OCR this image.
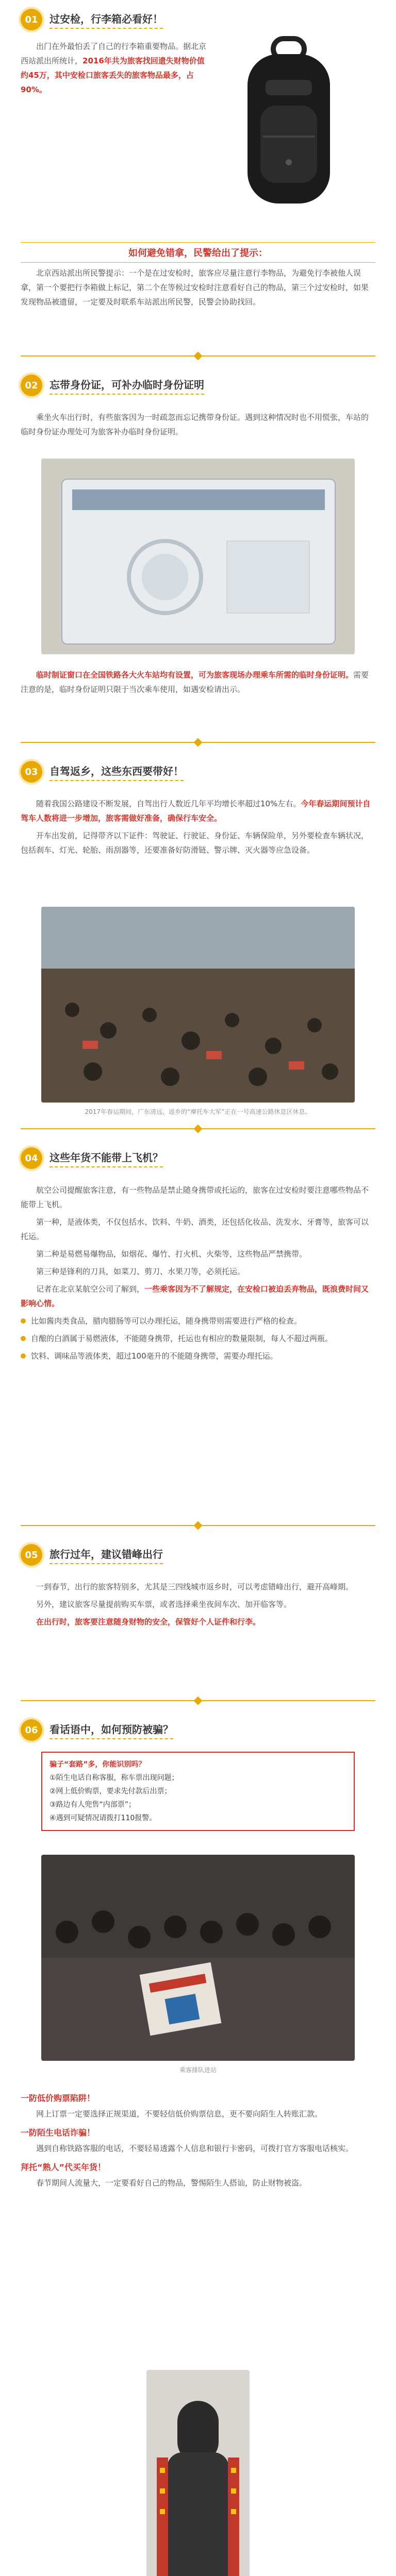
01	过安检，行李箱必看好！

出门在外最怕丢了自己的行李箱重要物品。据北京西站派出所统计，2016年共为旅客找回遗失财物价值约45万，其中安检口旅客丢失的旅客物品最多，占90%。

如何避免错拿，民警给出了提示：

北京西站派出所民警提示：一个是在过安检时，旅客应尽量注意行李物品，为避免行李被他人误拿，第一个要把行李箱做上标记，第二个在等候过安检时注意看好自己的物品，第三个过安检时，如果发现物品被遗留，一定要及时联系车站派出所民警，民警会协助找回。

02	忘带身份证，可补办临时身份证明

乘坐火车出行时，有些旅客因为一时疏忽而忘记携带身份证。遇到这种情况时也不用慌张，车站的临时身份证办理处可为旅客补办临时身份证明。

临时制证窗口在全国铁路各大火车站均有设置，可为旅客现场办理乘车所需的临时身份证明。需要注意的是，临时身份证明只限于当次乘车使用，如遇安检请出示。

03	自驾返乡，这些东西要带好！

随着我国公路建设不断发展，自驾出行人数近几年平均增长率超过10%左右。今年春运期间预计自驾车人数将进一步增加，旅客需做好准备，确保行车安全。

开车出发前，记得带齐以下证件：驾驶证、行驶证、身份证、车辆保险单，另外要检查车辆状况，包括刹车、灯光、轮胎、雨刮器等，还要准备好防滑链、警示牌、灭火器等应急设备。

2017年春运期间，广东清远，返乡的“摩托车大军”正在一号高速公路休息区休息。
04	这些年货不能带上飞机？

航空公司提醒旅客注意，有一些物品是禁止随身携带或托运的，旅客在过安检时要注意哪些物品不能带上飞机。

第一种，是液体类，不仅包括水、饮料、牛奶、酒类，还包括化妆品、洗发水、牙膏等，旅客可以托运。

第二种是易燃易爆物品，如烟花、爆竹、打火机、火柴等，这些物品严禁携带。

第三种是锋利的刀具，如菜刀、剪刀、水果刀等，必须托运。

记者在北京某航空公司了解到，一些乘客因为不了解规定，在安检口被迫丢弃物品，既浪费时间又影响心情。

比如酱肉类食品，腊肉腊肠等可以办理托运，随身携带则需要进行严格的检查。
自酿的白酒属于易燃液体，不能随身携带，托运也有相应的数量限制，每人不超过两瓶。
饮料、调味品等液体类，超过100毫升的不能随身携带，需要办理托运。
05	旅行过年，建议错峰出行

一到春节，出行的旅客特别多，尤其是三四线城市返乡时，可以考虑错峰出行，避开高峰期。

另外，建议旅客尽量提前购买车票，或者选择乘坐夜间车次、加开临客等。

在出行时，旅客要注意随身财物的安全，保管好个人证件和行李。

06	看话语中，如何预防被骗？
骗子“套路”多，你能识别吗？
①陌生电话自称客服，称车票出现问题；
②网上低价购票，要求先付款后出票；
③路边有人兜售“内部票”；
④遇到可疑情况请拨打110报警。
乘客排队进站
一防低价购票陷阱！

网上订票一定要选择正规渠道，不要轻信低价购票信息，更不要向陌生人转账汇款。

一防陌生电话诈骗！

遇到自称铁路客服的电话，不要轻易透露个人信息和银行卡密码，可拨打官方客服电话核实。

拜托“熟人”代买年货！

春节期间人流量大，一定要看好自己的物品，警惕陌生人搭讪，防止财物被盗。
